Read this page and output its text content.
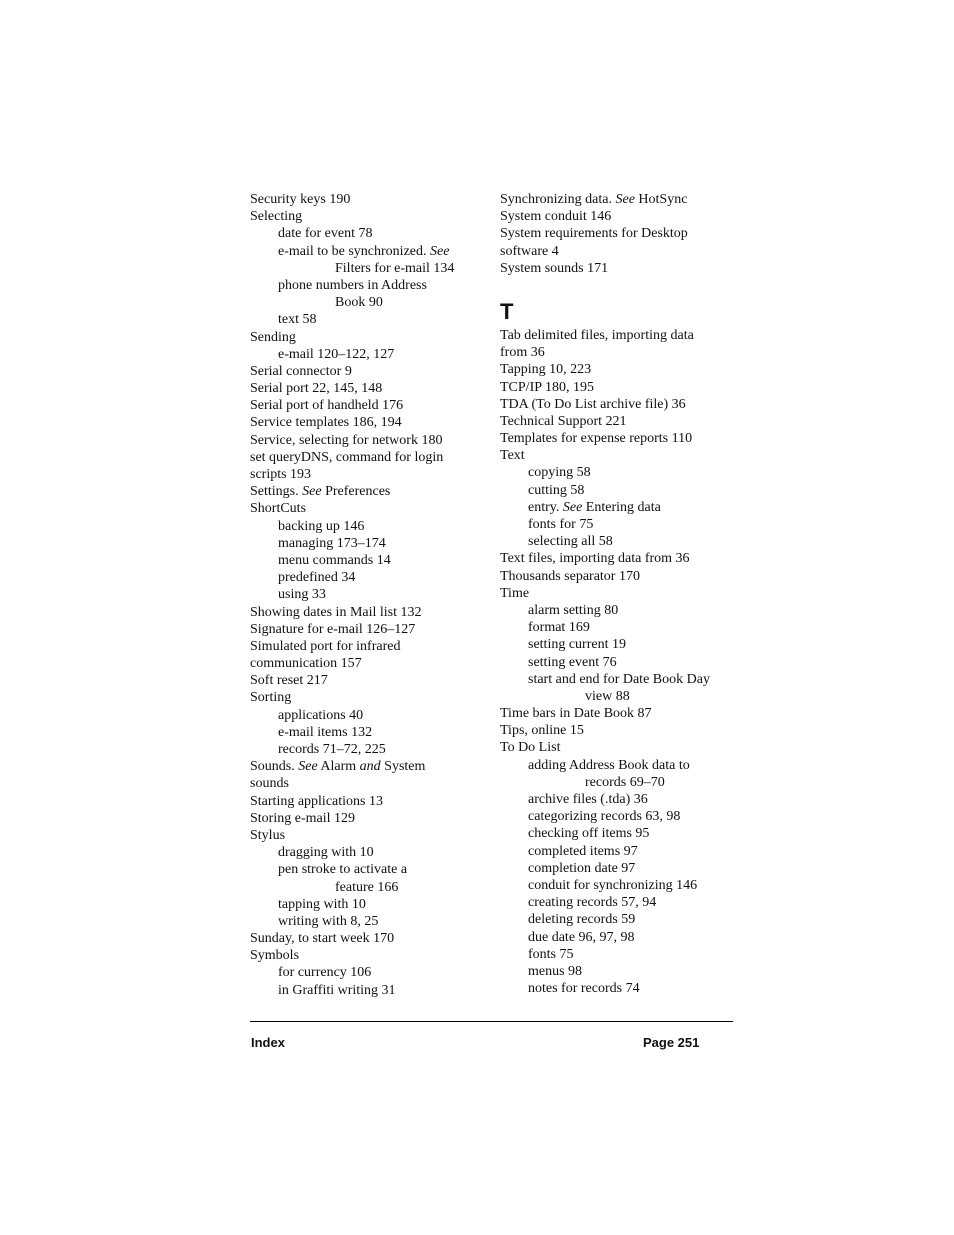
Security keys 190
Selecting
date for event 78
e-mail to be synchronized. See
Filters for e-mail 134
phone numbers in Address
Book 90
text 58
Sending
e-mail 120–122, 127
Serial connector 9
Serial port 22, 145, 148
Serial port of handheld 176
Service templates 186, 194
Service, selecting for network 180
set queryDNS, command for login
scripts 193
Settings. See Preferences
ShortCuts
backing up 146
managing 173–174
menu commands 14
predefined 34
using 33
Showing dates in Mail list 132
Signature for e-mail 126–127
Simulated port for infrared
communication 157
Soft reset 217
Sorting
applications 40
e-mail items 132
records 71–72, 225
Sounds. See Alarm and System
sounds
Starting applications 13
Storing e-mail 129
Stylus
dragging with 10
pen stroke to activate a
feature 166
tapping with 10
writing with 8, 25
Sunday, to start week 170
Symbols
for currency 106
in Graffiti writing 31
Synchronizing data. See HotSync
System conduit 146
System requirements for Desktop
software 4
System sounds 171
T
Tab delimited files, importing data
from 36
Tapping 10, 223
TCP/IP 180, 195
TDA (To Do List archive file) 36
Technical Support 221
Templates for expense reports 110
Text
copying 58
cutting 58
entry. See Entering data
fonts for 75
selecting all 58
Text files, importing data from 36
Thousands separator 170
Time
alarm setting 80
format 169
setting current 19
setting event 76
start and end for Date Book Day
view 88
Time bars in Date Book 87
Tips, online 15
To Do List
adding Address Book data to
records 69–70
archive files (.tda) 36
categorizing records 63, 98
checking off items 95
completed items 97
completion date 97
conduit for synchronizing 146
creating records 57, 94
deleting records 59
due date 96, 97, 98
fonts 75
menus 98
notes for records 74
Index	Page 251
